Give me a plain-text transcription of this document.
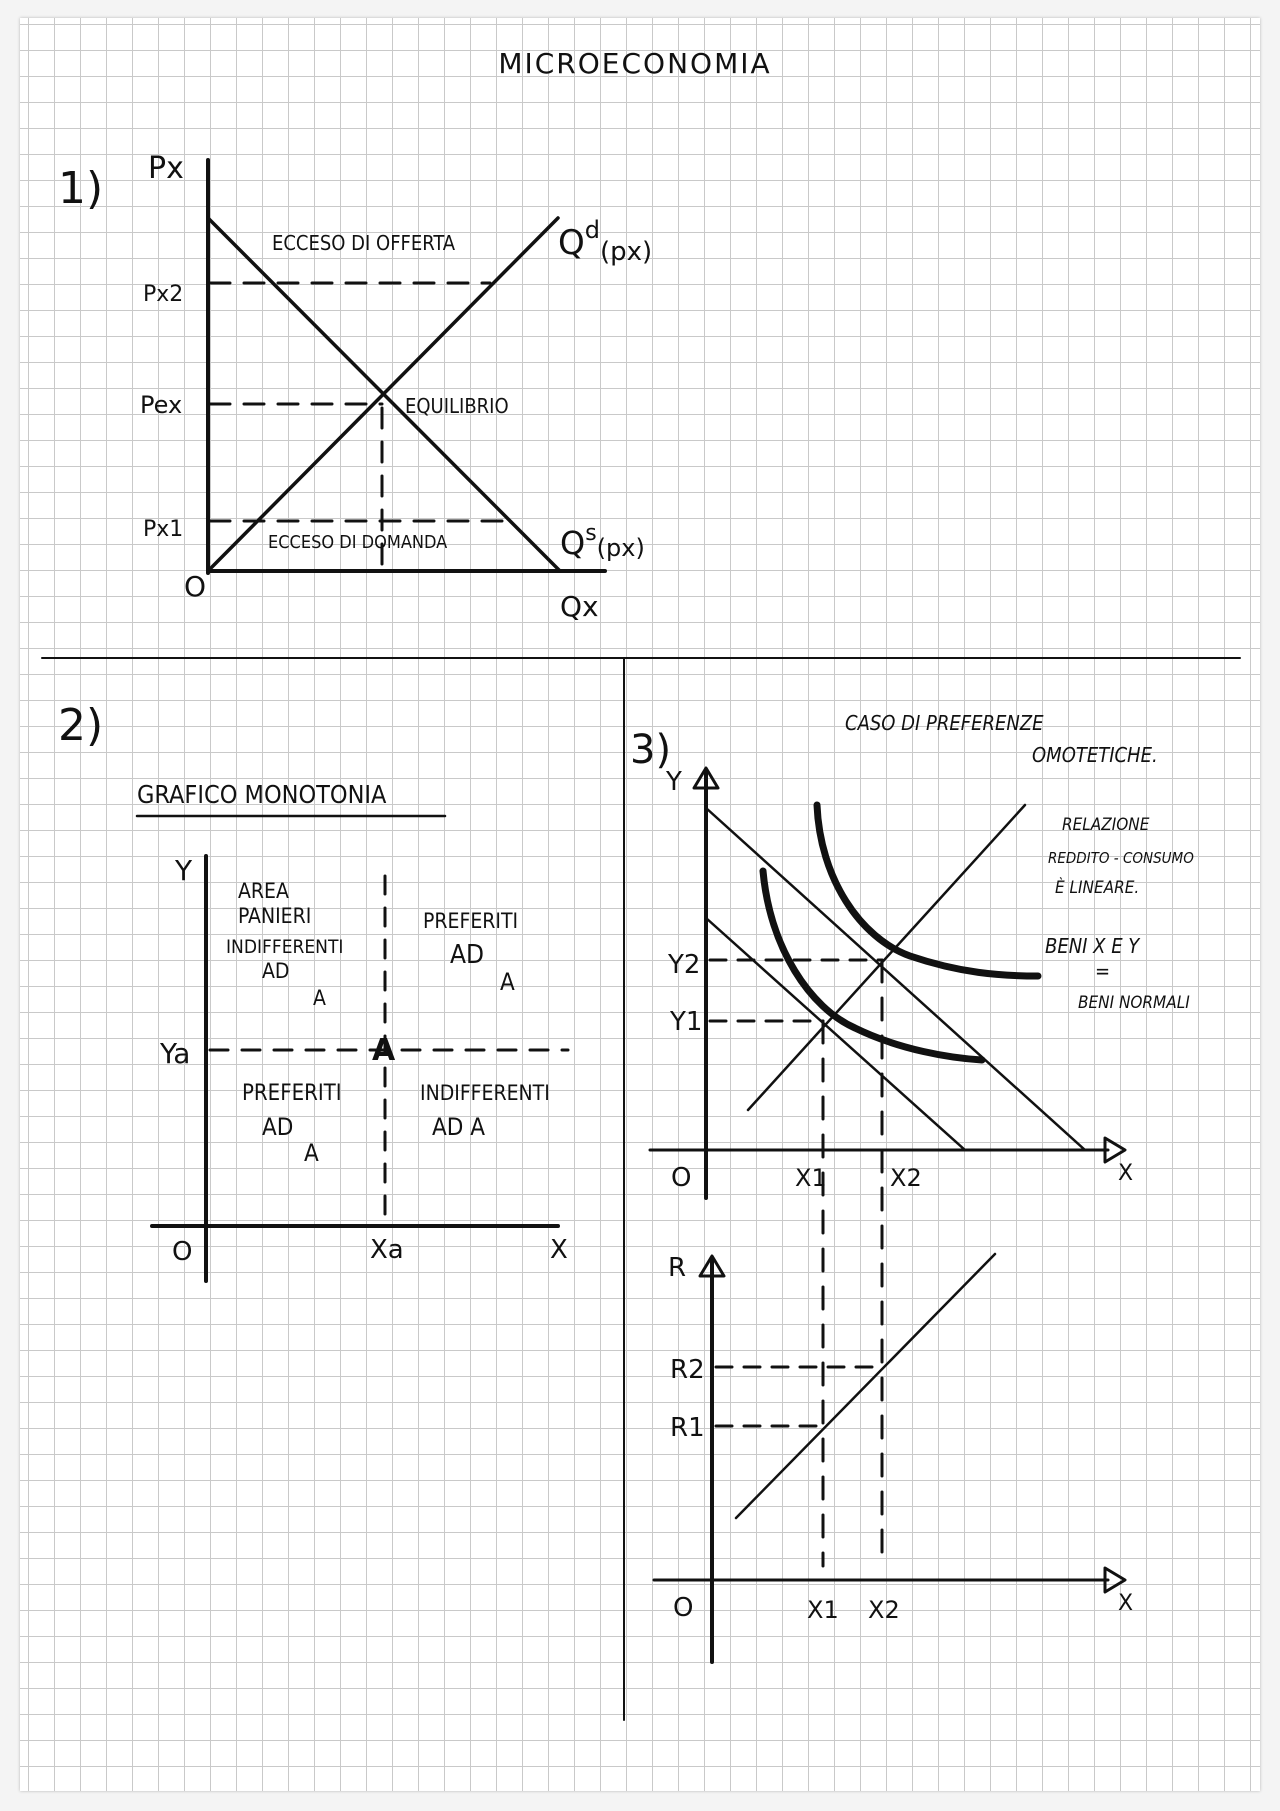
MICROECONOMIA
1) Px
O
Qx
Px2
Pex
Px1
ECCESO DI OFFERTA
EQUILIBRIO
ECCESO DI DOMANDA
$Q^d_{(px)}$
$Q^s_{(px)}$
2)
GRAFICO MONOTONIA
Y
O	X
Ya
Xa
A
AREA
PANIERI
INDIFFERENTI
AD
A
PREFERITI
AD
A
PREFERITI
AD
A
INDIFFERENTI
AD A
3)
CASO DI PREFERENZE
OMOTETICHE.
RELAZIONE
REDDITO - CONSUMO
È LINEARE.
BENI X E Y
=
BENI NORMALI
Y
X
O
Y2
Y1
X1	X2
R
X
O
R2
R1
X1 X2
